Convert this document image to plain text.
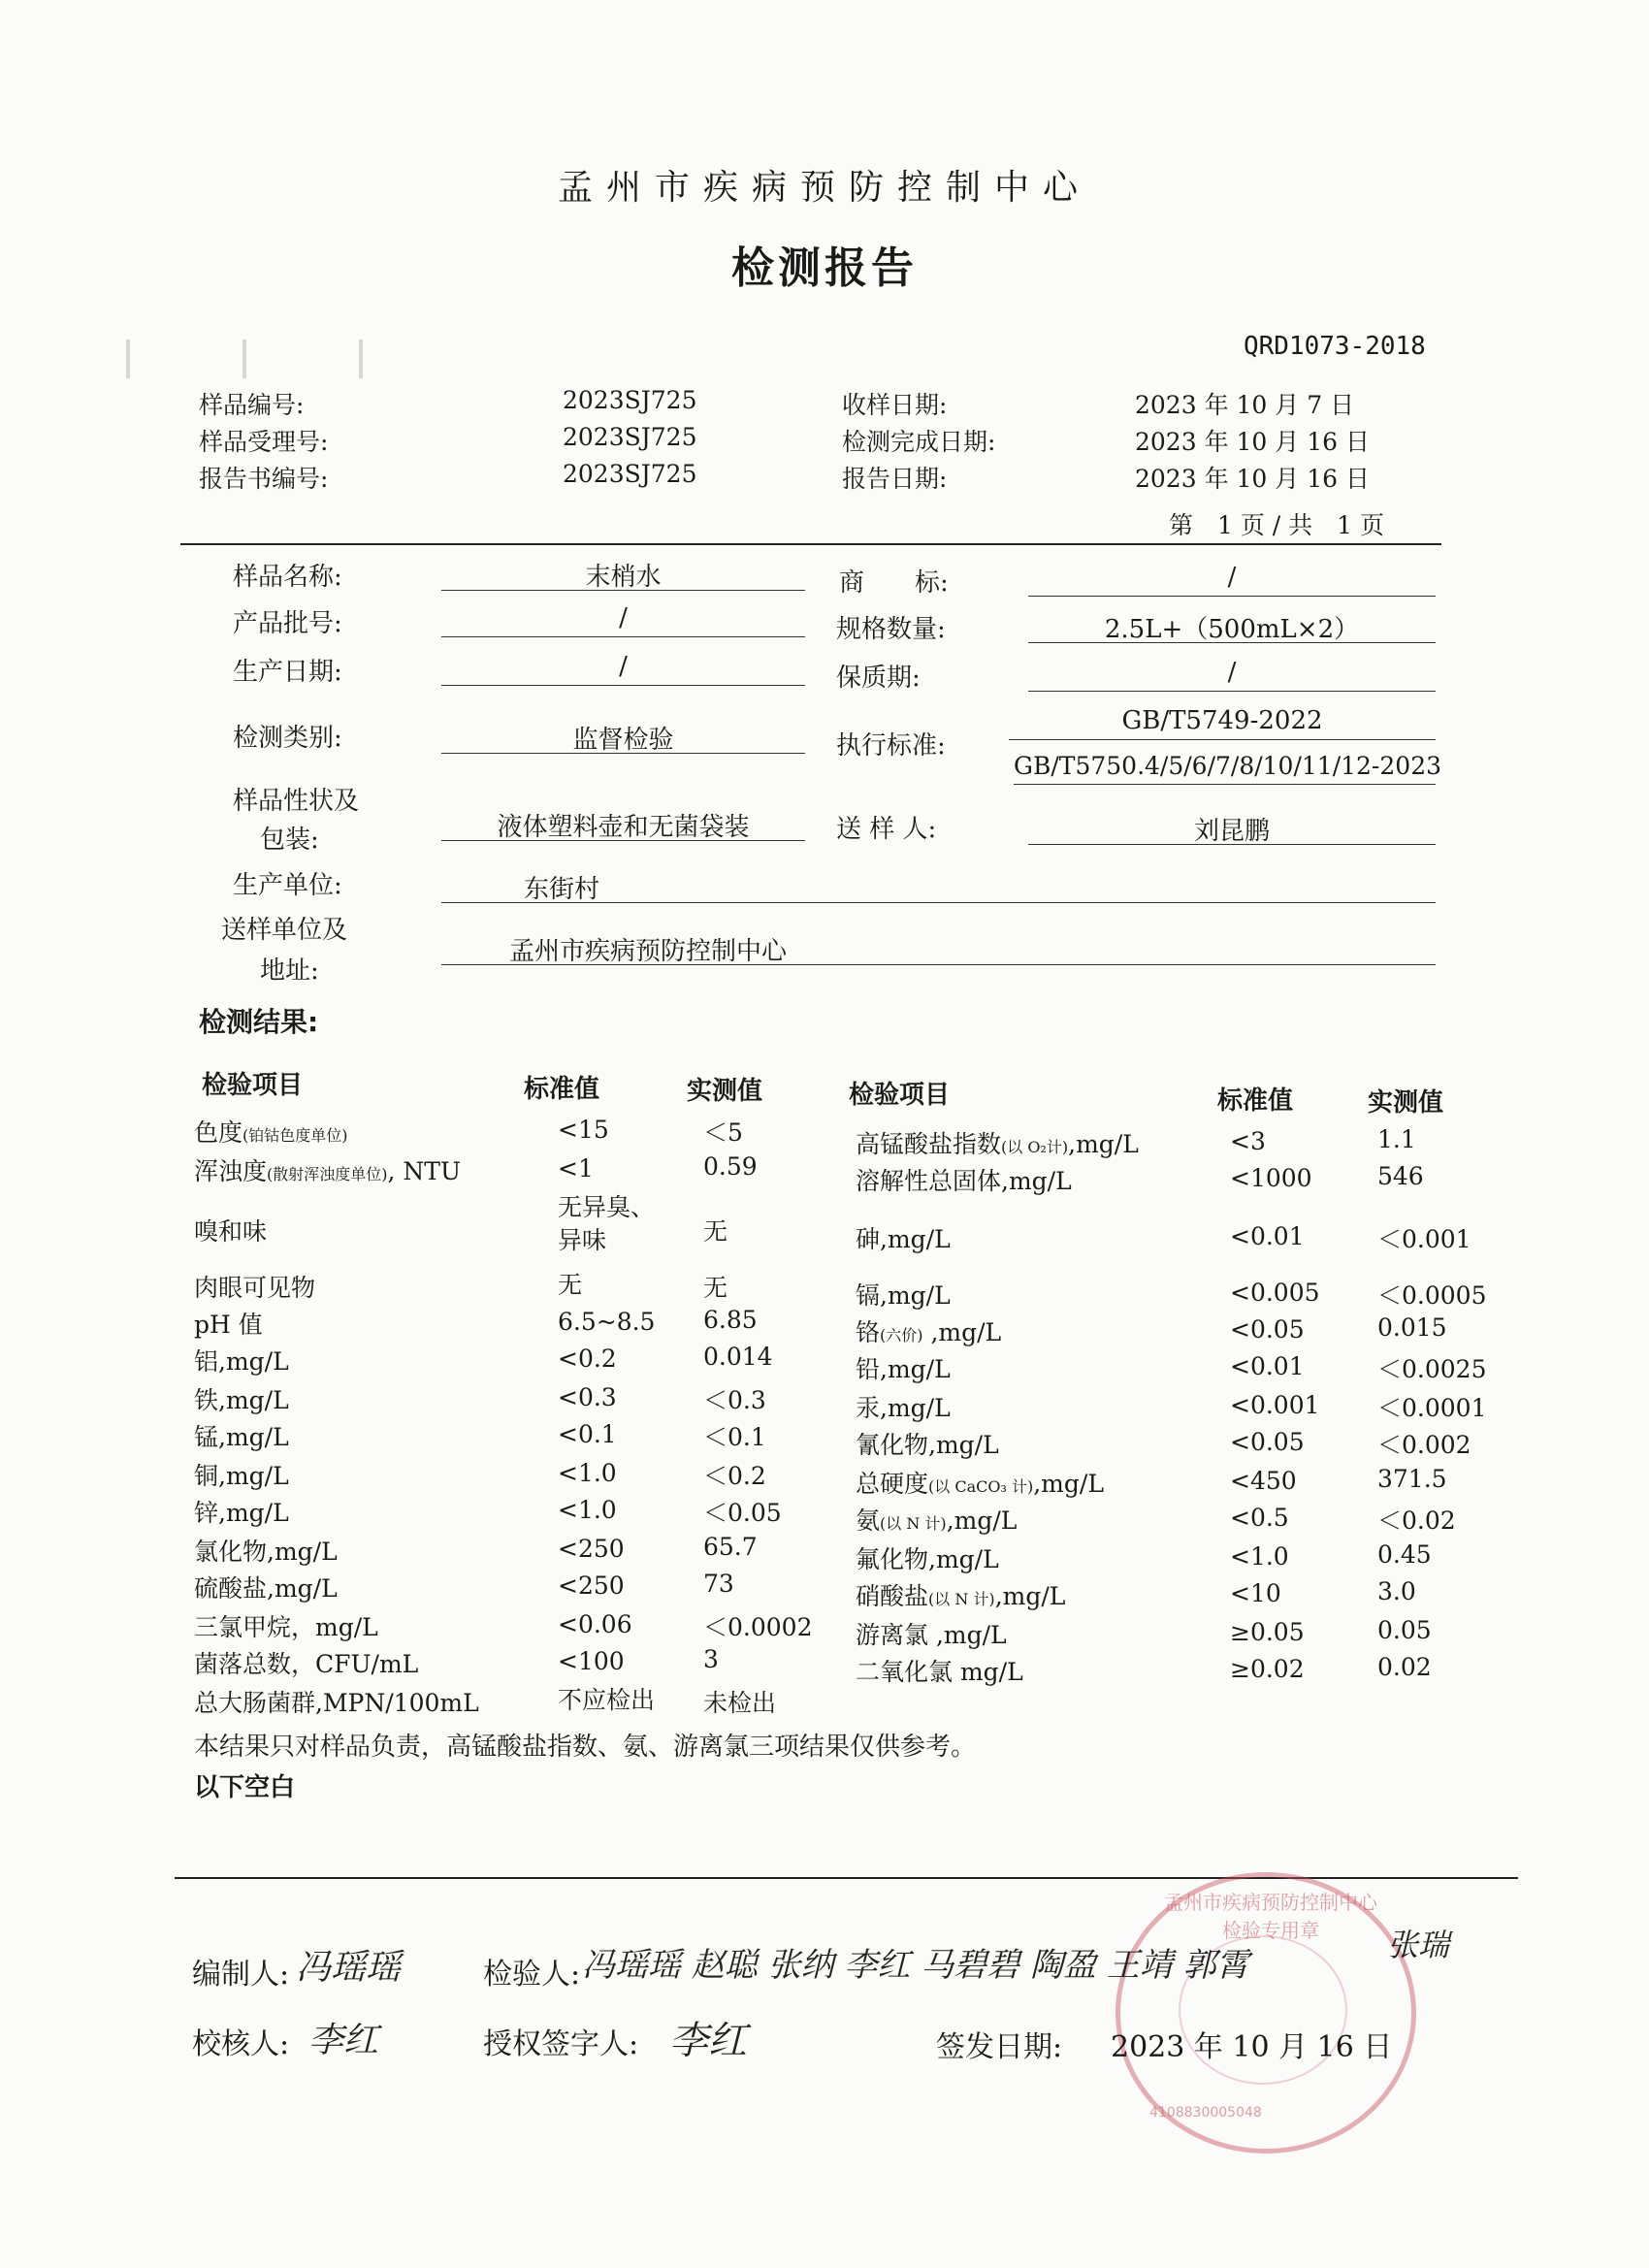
孟州市疾病预防控制中心
检测报告
QRD1073-2018
样品编号:	2023SJ725
样品受理号:	2023SJ725
报告书编号:	2023SJ725
收样日期:	2023 年 10 月 7 日
检测完成日期:	2023 年 10 月 16 日
报告日期:	2023 年 10 月 16 日
第　1 页 / 共　1 页
样品名称:	末梢水	商　　标:	/
产品批号:	/	规格数量:	2.5L+（500mL×2）
生产日期:	/	保质期:	/
检测类别:	监督检验	执行标准:
GB/T5749-2022
GB/T5750.4/5/6/7/8/10/11/12-2023
样品性状及
包装:	液体塑料壶和无菌袋装	送 样 人:	刘昆鹏
生产单位:	东街村
送样单位及
地址:
孟州市疾病预防控制中心
检测结果:
检验项目	标准值	实测值	检验项目	标准值	实测值
色度(铂钴色度单位)	<15	＜5
浑浊度(散射浑浊度单位), NTU	<1	0.59
嗅和味
无异臭、
异味	无
肉眼可见物	无	无
pH 值	6.5~8.5 6.85
铝,mg/L	<0.2	0.014
铁,mg/L	<0.3	＜0.3
锰,mg/L	<0.1	＜0.1
铜,mg/L	<1.0	＜0.2
锌,mg/L	<1.0	＜0.05
氯化物,mg/L	<250	65.7
硫酸盐,mg/L	<250	73
三氯甲烷，mg/L	<0.06	＜0.0002
菌落总数，CFU/mL	<100	3
总大肠菌群,MPN/100mL	不应检出 未检出
高锰酸盐指数(以 O₂计),mg/L	<3	1.1
溶解性总固体,mg/L	<1000	546
砷,mg/L	<0.01	＜0.001
镉,mg/L	<0.005 ＜0.0005
铬(六价) ,mg/L	<0.05	0.015
铅,mg/L	<0.01	＜0.0025
汞,mg/L	<0.001 ＜0.0001
氰化物,mg/L	<0.05	＜0.002
总硬度(以 CaCO₃ 计),mg/L	<450	371.5
氨(以 N 计),mg/L	<0.5	＜0.02
氟化物,mg/L	<1.0	0.45
硝酸盐(以 N 计),mg/L	<10	3.0
游离氯 ,mg/L	≥0.05	0.05
二氧化氯 mg/L	≥0.02	0.02
本结果只对样品负责，高锰酸盐指数、氨、游离氯三项结果仅供参考。
以下空白
孟州市疾病预防控制中心 检验专用章
4108830005048
编制人: 冯瑶瑶	检验人: 冯瑶瑶 赵聪 张纳 李红 马碧碧 陶盈 王靖 郭霄
张瑞
校核人: 李红	授权签字人: 李红	签发日期: 2023 年 10 月 16 日
